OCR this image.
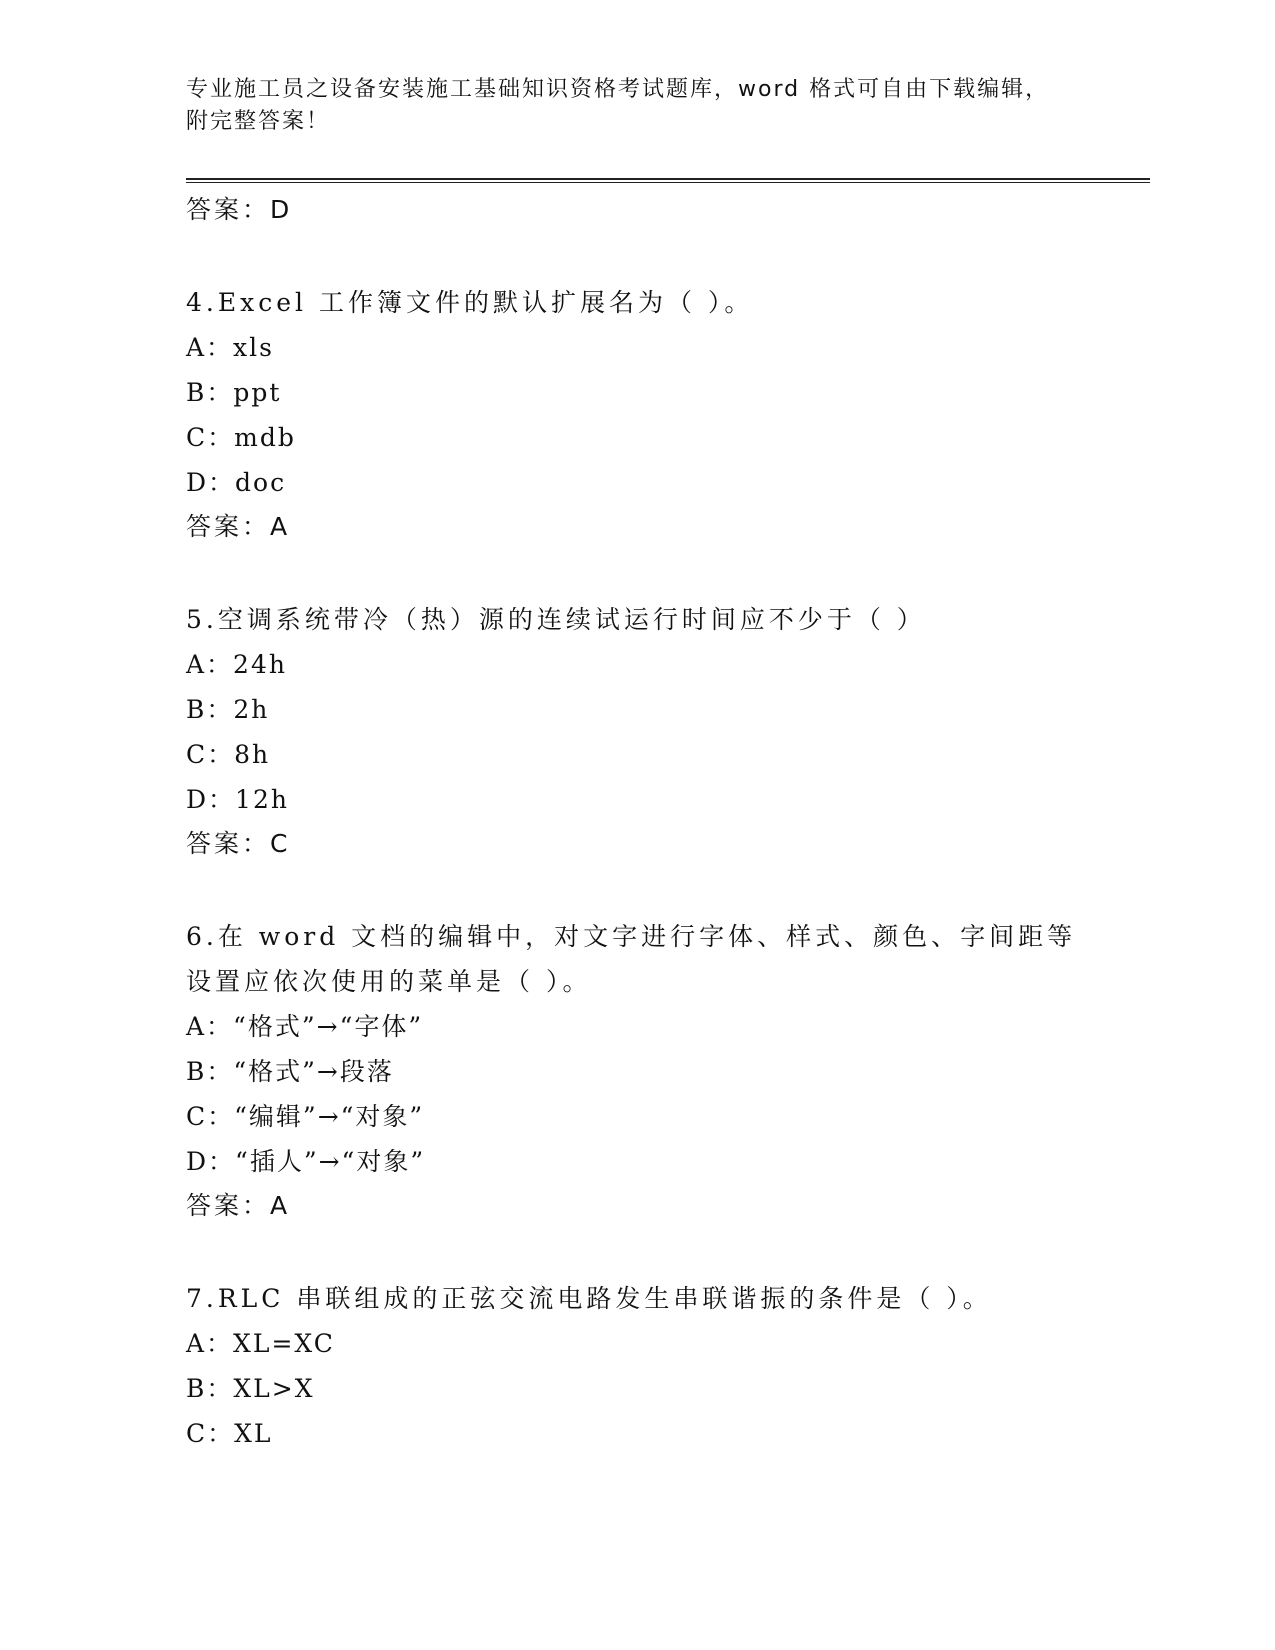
专业施工员之设备安装施工基础知识资格考试题库，word 格式可自由下载编辑，
附完整答案！
答案：D
4.Excel 工作簿文件的默认扩展名为（ ）。
A：xls
B：ppt
C：mdb
D：doc
答案：A
5.空调系统带冷（热）源的连续试运行时间应不少于（ ）
A：24h
B：2h
C：8h
D：12h
答案：C
6.在 word 文档的编辑中，对文字进行字体、样式、颜色、字间距等设置应依次使用的菜单是（ ）。
A：“格式”→“字体”
B：“格式”→段落
C：“编辑”→“对象”
D：“插人”→“对象”
答案：A
7.RLC 串联组成的正弦交流电路发生串联谐振的条件是（ ）。
A：XL=XC
B：XL>X
C：XL
